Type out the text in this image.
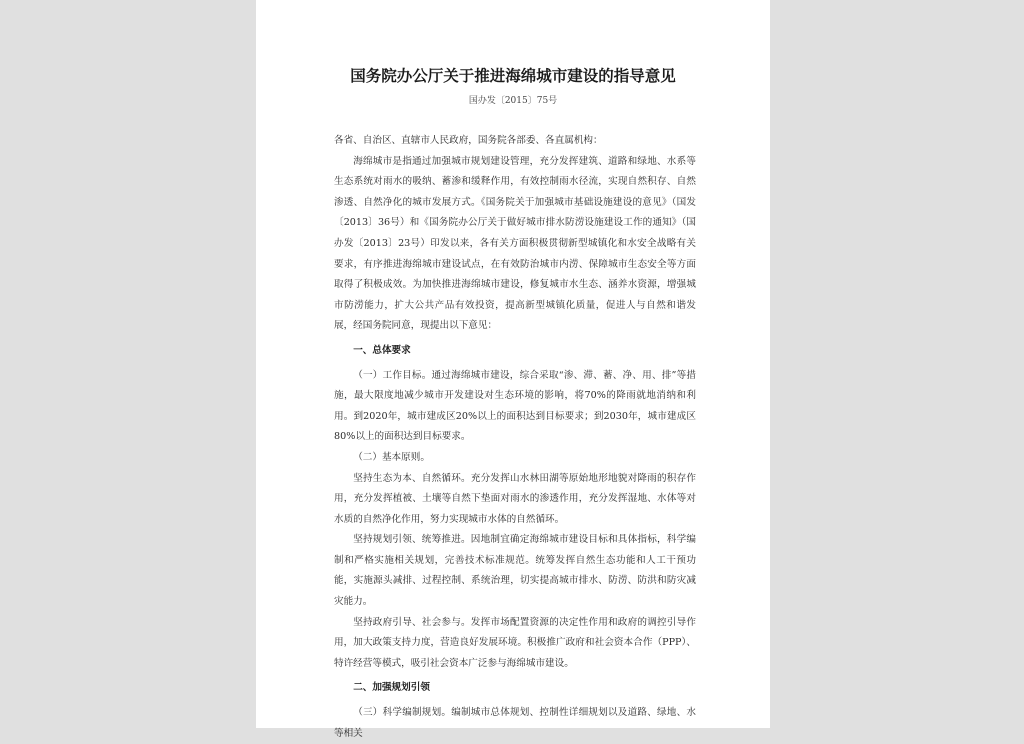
国务院办公厅关于推进海绵城市建设的指导意见
国办发〔2015〕75号

各省、自治区、直辖市人民政府，国务院各部委、各直属机构：

海绵城市是指通过加强城市规划建设管理，充分发挥建筑、道路和绿地、水系等生态系统对雨水的吸纳、蓄渗和缓释作用，有效控制雨水径流，实现自然积存、自然渗透、自然净化的城市发展方式。《国务院关于加强城市基础设施建设的意见》（国发〔2013〕36号）和《国务院办公厅关于做好城市排水防涝设施建设工作的通知》（国办发〔2013〕23号）印发以来，各有关方面积极贯彻新型城镇化和水安全战略有关要求，有序推进海绵城市建设试点，在有效防治城市内涝、保障城市生态安全等方面取得了积极成效。为加快推进海绵城市建设，修复城市水生态、涵养水资源，增强城市防涝能力，扩大公共产品有效投资，提高新型城镇化质量，促进人与自然和谐发展，经国务院同意，现提出以下意见：

一、总体要求

（一）工作目标。通过海绵城市建设，综合采取“渗、滞、蓄、净、用、排”等措施，最大限度地减少城市开发建设对生态环境的影响，将70%的降雨就地消纳和利用。到2020年，城市建成区20%以上的面积达到目标要求；到2030年，城市建成区80%以上的面积达到目标要求。

（二）基本原则。

坚持生态为本、自然循环。充分发挥山水林田湖等原始地形地貌对降雨的积存作用，充分发挥植被、土壤等自然下垫面对雨水的渗透作用，充分发挥湿地、水体等对水质的自然净化作用，努力实现城市水体的自然循环。

坚持规划引领、统筹推进。因地制宜确定海绵城市建设目标和具体指标，科学编制和严格实施相关规划，完善技术标准规范。统筹发挥自然生态功能和人工干预功能，实施源头减排、过程控制、系统治理，切实提高城市排水、防涝、防洪和防灾减灾能力。

坚持政府引导、社会参与。发挥市场配置资源的决定性作用和政府的调控引导作用，加大政策支持力度，营造良好发展环境。积极推广政府和社会资本合作（PPP）、特许经营等模式，吸引社会资本广泛参与海绵城市建设。

二、加强规划引领

（三）科学编制规划。编制城市总体规划、控制性详细规划以及道路、绿地、水等相关
